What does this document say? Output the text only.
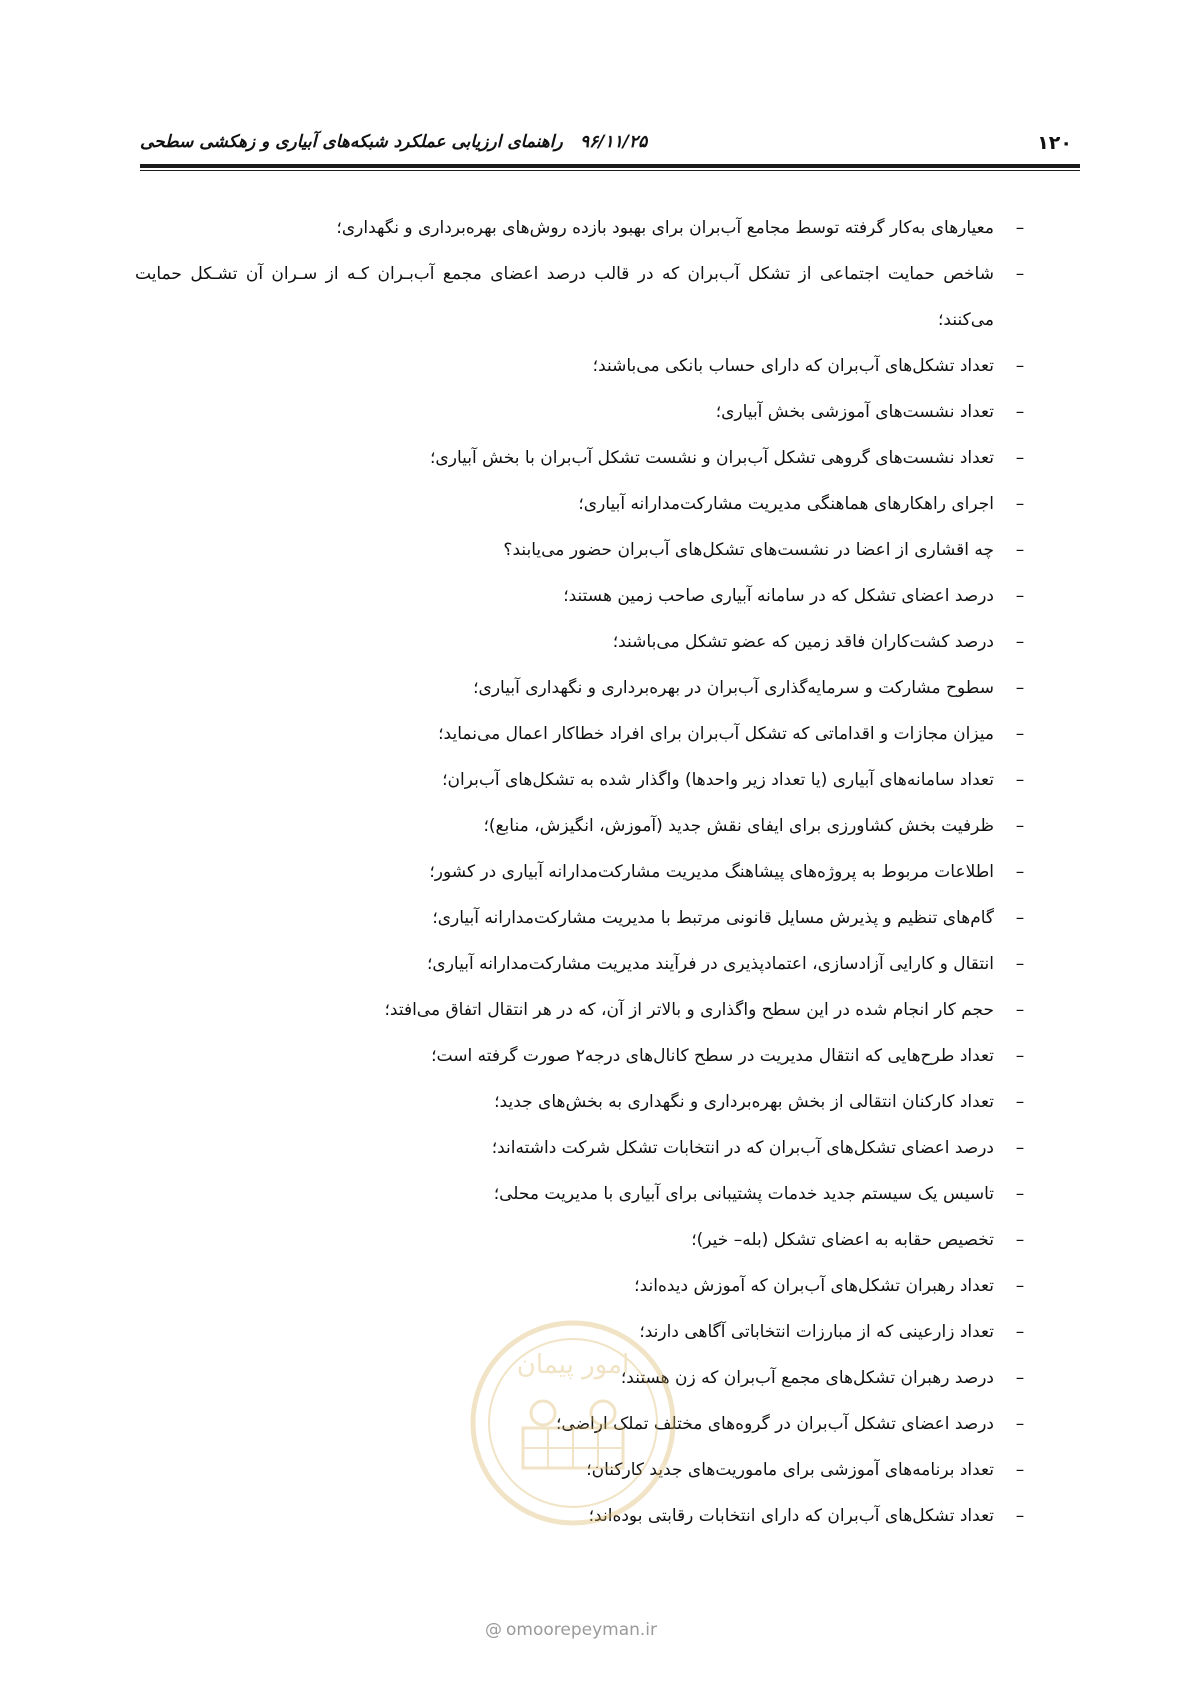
۱۲۰
۹۶/۱۱/۲۵
راهنمای ارزیابی عملکرد شبکه‌های آبیاری و زهکشی سطحی
–
معیارهای به‌کار گرفته توسط مجامع آب‌بران برای بهبود بازده روش‌های بهره‌برداری و نگهداری؛
–
شاخص حمایت اجتماعی از تشکل آب‌بران که در قالب درصد اعضای مجمع آب‌بـران کـه از سـران آن تشـکل حمایت می‌کنند؛
–
تعداد تشکل‌های آب‌بران که دارای حساب بانکی می‌باشند؛
–
تعداد نشست‌های آموزشی بخش آبیاری؛
–
تعداد نشست‌های گروهی تشکل آب‌بران و نشست تشکل آب‌بران با بخش آبیاری؛
–
اجرای راهکارهای هماهنگی مدیریت مشارکت‌مدارانه آبیاری؛
–
چه اقشاری از اعضا در نشست‌های تشکل‌های آب‌بران حضور می‌یابند؟
–
درصد اعضای تشکل که در سامانه آبیاری صاحب زمین هستند؛
–
درصد کشت‌کاران فاقد زمین که عضو تشکل می‌باشند؛
–
سطوح مشارکت و سرمایه‌گذاری آب‌بران در بهره‌برداری و نگهداری آبیاری؛
–
میزان مجازات و اقداماتی که تشکل آب‌بران برای افراد خطاکار اعمال می‌نماید؛
–
تعداد سامانه‌های آبیاری (یا تعداد زیر واحدها) واگذار شده به تشکل‌های آب‌بران؛
–
ظرفیت بخش کشاورزی برای ایفای نقش جدید (آموزش، انگیزش، منابع)؛
–
اطلاعات مربوط به پروژه‌های پیشاهنگ مدیریت مشارکت‌مدارانه آبیاری در کشور؛
–
گام‌های تنظیم و پذیرش مسایل قانونی مرتبط با مدیریت مشارکت‌مدارانه آبیاری؛
–
انتقال و کارایی آزادسازی، اعتمادپذیری در فرآیند مدیریت مشارکت‌مدارانه آبیاری؛
–
حجم کار انجام شده در این سطح واگذاری و بالاتر از آن، که در هر انتقال اتفاق می‌افتد؛
–
تعداد طرح‌هایی که انتقال مدیریت در سطح کانال‌های درجه۲ صورت گرفته است؛
–
تعداد کارکنان انتقالی از بخش بهره‌برداری و نگهداری به بخش‌های جدید؛
–
درصد اعضای تشکل‌های آب‌بران که در انتخابات تشکل شرکت داشته‌اند؛
–
تاسیس یک سیستم جدید خدمات پشتیبانی برای آبیاری با مدیریت محلی؛
–
تخصیص حقابه به اعضای تشکل (بله– خیر)؛
–
تعداد رهبران تشکل‌های آب‌بران که آموزش دیده‌اند؛
–
تعداد زارعینی که از مبارزات انتخاباتی آگاهی دارند؛
–
درصد رهبران تشکل‌های مجمع آب‌بران که زن هستند؛
–
درصد اعضای تشکل آب‌بران در گروه‌های مختلف تملک اراضی؛
–
تعداد برنامه‌های آموزشی برای ماموریت‌های جدید کارکنان؛
–
تعداد تشکل‌های آب‌بران که دارای انتخابات رقابتی بوده‌اند؛
امور پیمان
@ omoorepeyman.ir
